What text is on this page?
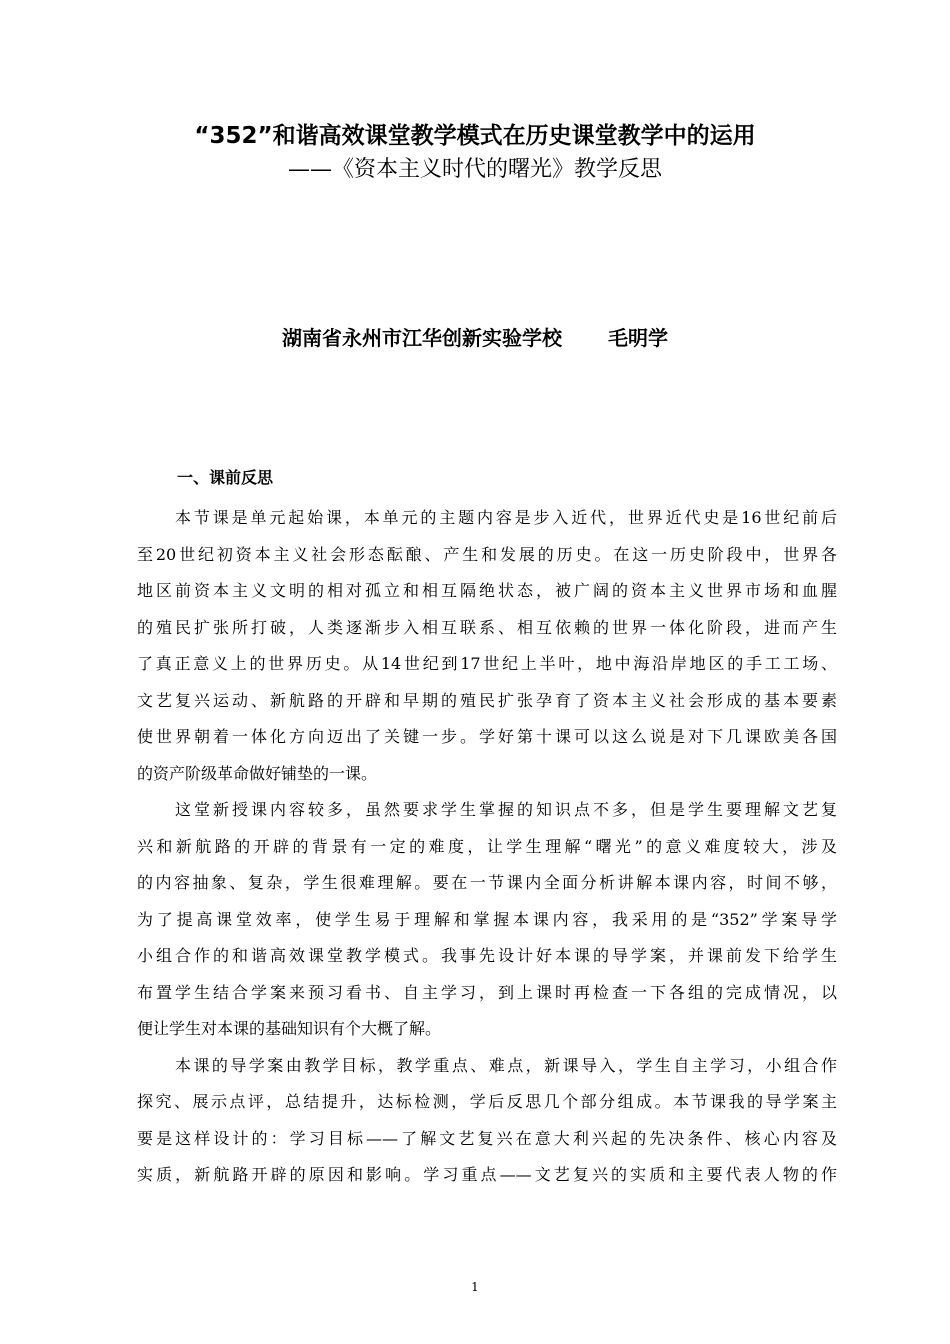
“352”和谐高效课堂教学模式在历史课堂教学中的运用
——《资本主义时代的曙光》教学反思
湖南省永州市江华创新实验学校 毛明学
一、课前反思
本节课是单元起始课，本单元的主题内容是步入近代，世界近代史是16世纪前后
至20世纪初资本主义社会形态酝酿、产生和发展的历史。在这一历史阶段中，世界各
地区前资本主义文明的相对孤立和相互隔绝状态，被广阔的资本主义世界市场和血腥
的殖民扩张所打破，人类逐渐步入相互联系、相互依赖的世界一体化阶段，进而产生
了真正意义上的世界历史。从14世纪到17世纪上半叶，地中海沿岸地区的手工工场、
文艺复兴运动、新航路的开辟和早期的殖民扩张孕育了资本主义社会形成的基本要素
使世界朝着一体化方向迈出了关键一步。学好第十课可以这么说是对下几课欧美各国
的资产阶级革命做好铺垫的一课。
这堂新授课内容较多，虽然要求学生掌握的知识点不多，但是学生要理解文艺复
兴和新航路的开辟的背景有一定的难度，让学生理解“曙光”的意义难度较大，涉及
的内容抽象、复杂，学生很难理解。要在一节课内全面分析讲解本课内容，时间不够，
为了提高课堂效率，使学生易于理解和掌握本课内容，我采用的是“352”学案导学
小组合作的和谐高效课堂教学模式。我事先设计好本课的导学案，并课前发下给学生
布置学生结合学案来预习看书、自主学习，到上课时再检查一下各组的完成情况，以
便让学生对本课的基础知识有个大概了解。
本课的导学案由教学目标，教学重点、难点，新课导入，学生自主学习，小组合作
探究、展示点评，总结提升，达标检测，学后反思几个部分组成。本节课我的导学案主
要是这样设计的：学习目标——了解文艺复兴在意大利兴起的先决条件、核心内容及
实质，新航路开辟的原因和影响。学习重点——文艺复兴的实质和主要代表人物的作
1
